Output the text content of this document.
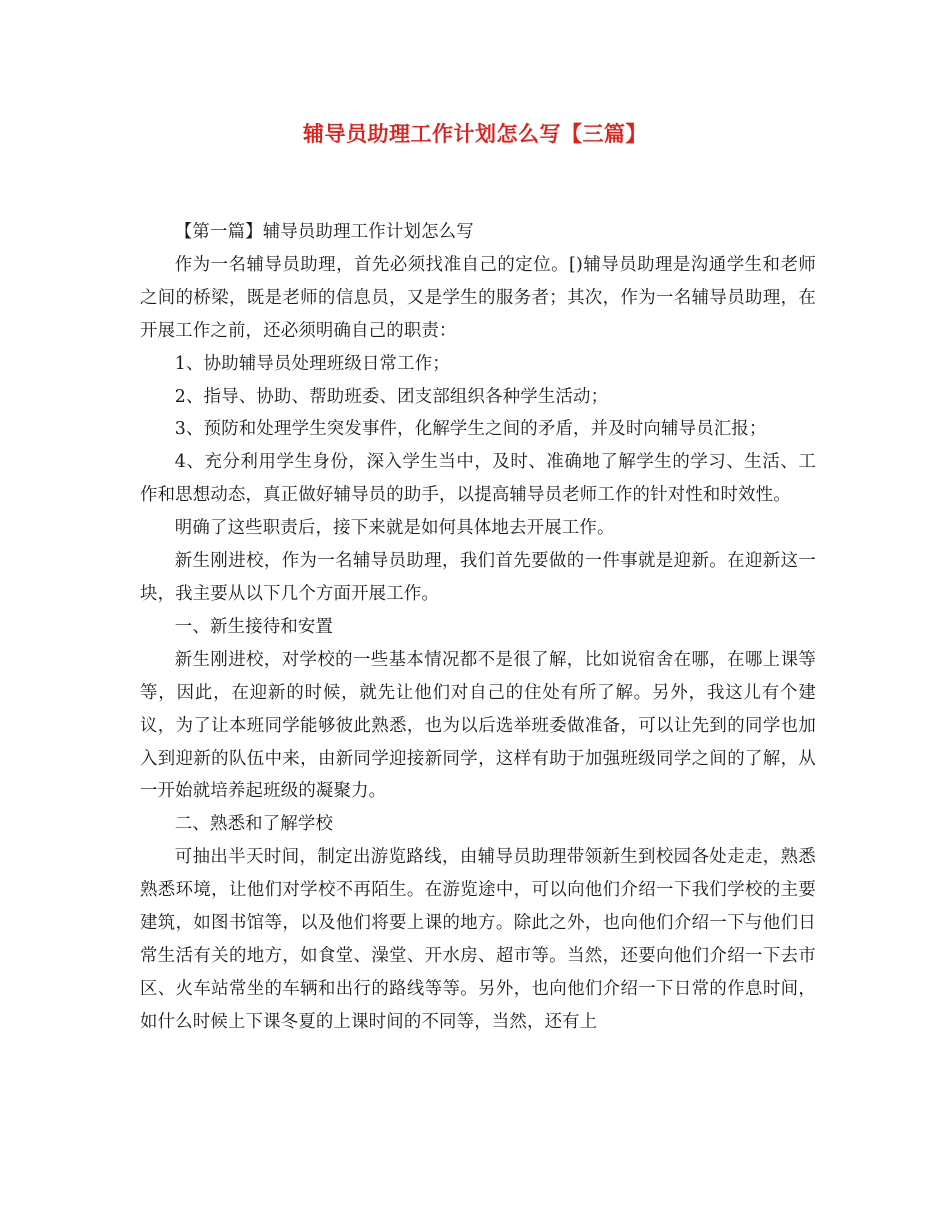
辅导员助理工作计划怎么写【三篇】

【第一篇】辅导员助理工作计划怎么写

作为一名辅导员助理，首先必须找准自己的定位。[)辅导员助理是沟通学生和老师之间的桥梁，既是老师的信息员，又是学生的服务者；其次，作为一名辅导员助理，在开展工作之前，还必须明确自己的职责：

1、协助辅导员处理班级日常工作；

2、指导、协助、帮助班委、团支部组织各种学生活动；

3、预防和处理学生突发事件，化解学生之间的矛盾，并及时向辅导员汇报；

4、充分利用学生身份，深入学生当中，及时、准确地了解学生的学习、生活、工作和思想动态，真正做好辅导员的助手，以提高辅导员老师工作的针对性和时效性。

明确了这些职责后，接下来就是如何具体地去开展工作。

新生刚进校，作为一名辅导员助理，我们首先要做的一件事就是迎新。在迎新这一块，我主要从以下几个方面开展工作。

一、新生接待和安置

新生刚进校，对学校的一些基本情况都不是很了解，比如说宿舍在哪，在哪上课等等，因此，在迎新的时候，就先让他们对自己的住处有所了解。另外，我这儿有个建议，为了让本班同学能够彼此熟悉，也为以后选举班委做准备，可以让先到的同学也加入到迎新的队伍中来，由新同学迎接新同学，这样有助于加强班级同学之间的了解，从一开始就培养起班级的凝聚力。

二、熟悉和了解学校

可抽出半天时间，制定出游览路线，由辅导员助理带领新生到校园各处走走，熟悉熟悉环境，让他们对学校不再陌生。在游览途中，可以向他们介绍一下我们学校的主要建筑，如图书馆等，以及他们将要上课的地方。除此之外，也向他们介绍一下与他们日常生活有关的地方，如食堂、澡堂、开水房、超市等。当然，还要向他们介绍一下去市区、火车站常坐的车辆和出行的路线等等。另外，也向他们介绍一下日常的作息时间，如什么时候上下课冬夏的上课时间的不同等，当然，还有上
